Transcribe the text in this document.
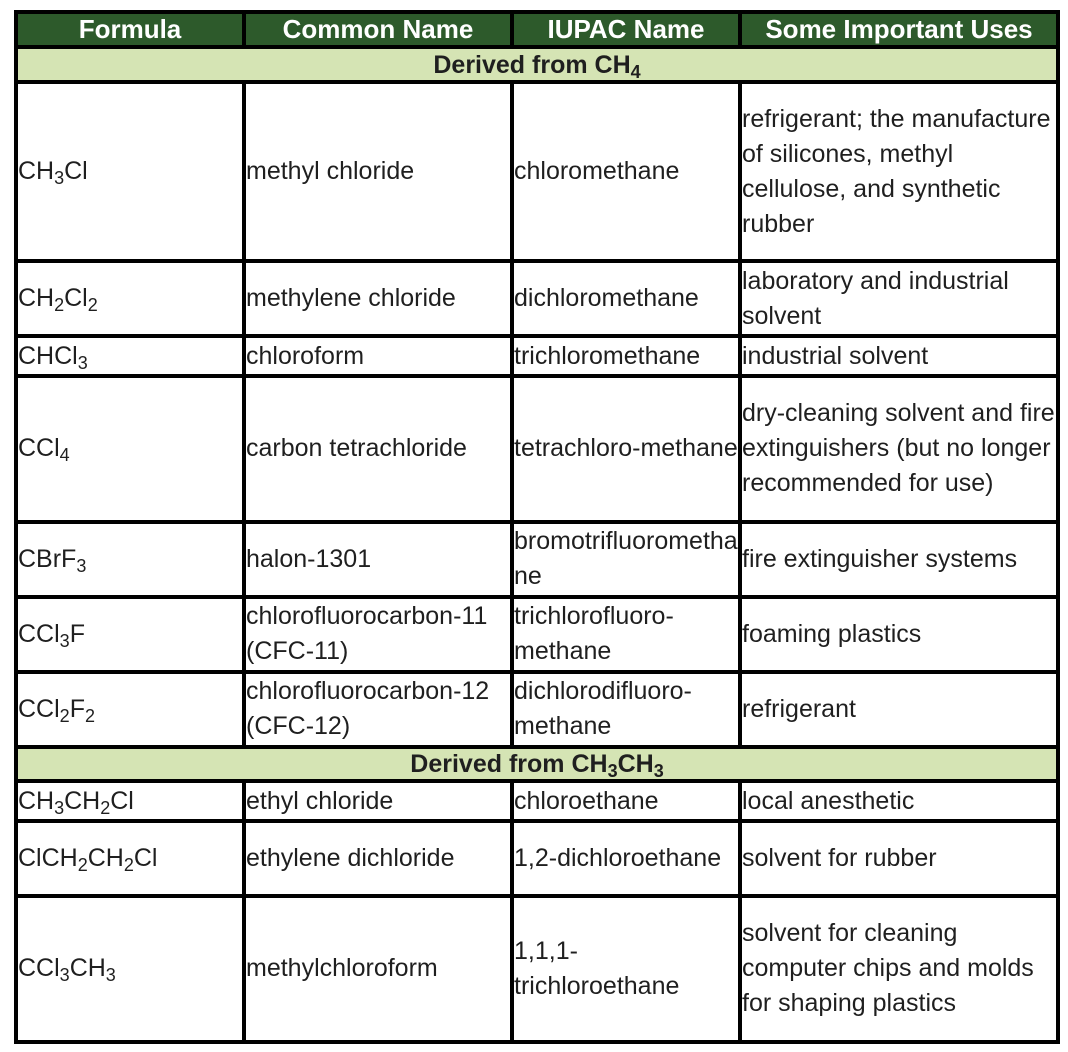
Formula	Common Name	IUPAC Name	Some Important Uses
Derived from $CH_4$
$CH_3Cl$	methyl chloride	chloromethane	refrigerant; the manufacture of silicones, methyl cellulose, and synthetic rubber
$CH_2Cl_2$	methylene chloride	dichloromethane	laboratory and industrial solvent
CHCl$_3$	chloroform	trichloromethane	industrial solvent
CCl$_4$	carbon tetrachloride	tetrachloro-methane	dry-cleaning solvent and fire extinguishers (but no longer recommended for use)
CBrF$_3$	halon-1301	bromotrifluoromethane	fire extinguisher systems
CCl$_3$F	chlorofluorocarbon-11 (CFC-11)	trichlorofluoro-methane	foaming plastics
$CCl_2F_2$	chlorofluorocarbon-12 (CFC-12)	dichlorodifluoro-methane	refrigerant
Derived from $CH_3CH_3$
$CH_3CH_2Cl$	ethyl chloride	chloroethane	local anesthetic
$ClCH_2CH_2Cl$	ethylene dichloride	1,2-dichloroethane	solvent for rubber
$CCl_3CH_3$	methylchloroform	1,1,1-trichloroethane	solvent for cleaning computer chips and molds for shaping plastics
